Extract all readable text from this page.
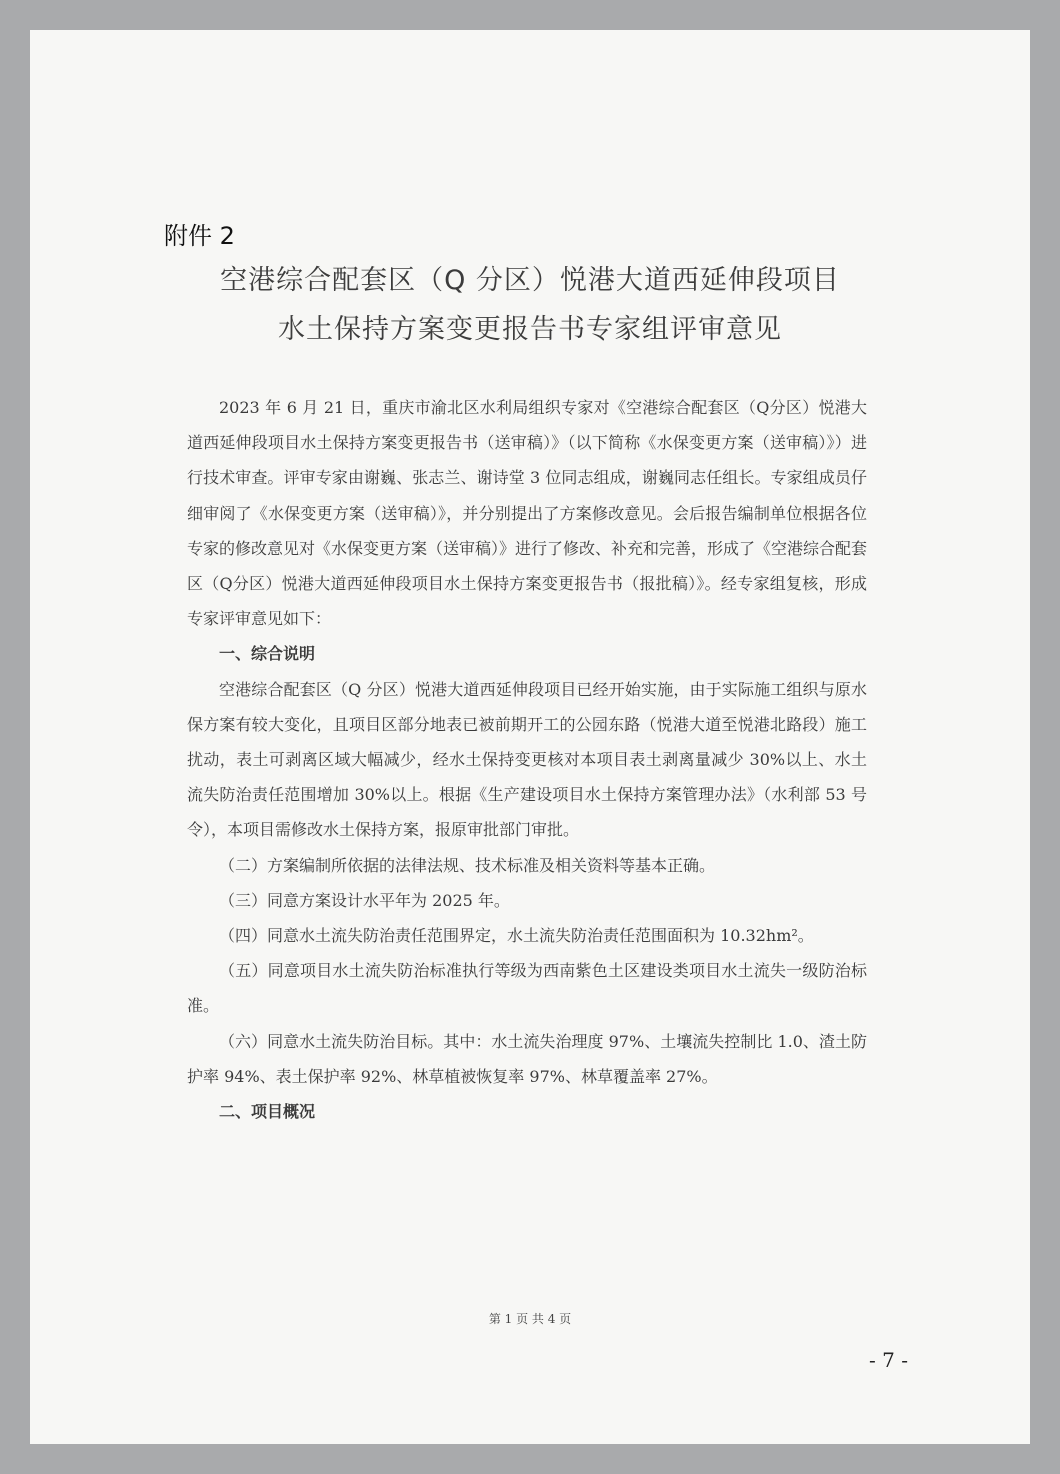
附件 2
空港综合配套区（Q 分区）悦港大道西延伸段项目
水土保持方案变更报告书专家组评审意见

2023 年 6 月 21 日，重庆市渝北区水利局组织专家对《空港综合配套区（Q分区）悦港大道西延伸段项目水土保持方案变更报告书（送审稿）》（以下简称《水保变更方案（送审稿）》）进行技术审查。评审专家由谢巍、张志兰、谢诗堂 3 位同志组成，谢巍同志任组长。专家组成员仔细审阅了《水保变更方案（送审稿）》，并分别提出了方案修改意见。会后报告编制单位根据各位专家的修改意见对《水保变更方案（送审稿）》进行了修改、补充和完善，形成了《空港综合配套区（Q分区）悦港大道西延伸段项目水土保持方案变更报告书（报批稿）》。经专家组复核，形成专家评审意见如下：

一、综合说明

空港综合配套区（Q 分区）悦港大道西延伸段项目已经开始实施，由于实际施工组织与原水保方案有较大变化，且项目区部分地表已被前期开工的公园东路（悦港大道至悦港北路段）施工扰动，表土可剥离区域大幅减少，经水土保持变更核对本项目表土剥离量减少 30%以上、水土流失防治责任范围增加 30%以上。根据《生产建设项目水土保持方案管理办法》（水利部 53 号令），本项目需修改水土保持方案，报原审批部门审批。

（二）方案编制所依据的法律法规、技术标准及相关资料等基本正确。

（三）同意方案设计水平年为 2025 年。

（四）同意水土流失防治责任范围界定，水土流失防治责任范围面积为 10.32hm²。

（五）同意项目水土流失防治标准执行等级为西南紫色土区建设类项目水土流失一级防治标准。

（六）同意水土流失防治目标。其中：水土流失治理度 97%、土壤流失控制比 1.0、渣土防护率 94%、表土保护率 92%、林草植被恢复率 97%、林草覆盖率 27%。

二、项目概况

第 1 页 共 4 页
- 7 -
